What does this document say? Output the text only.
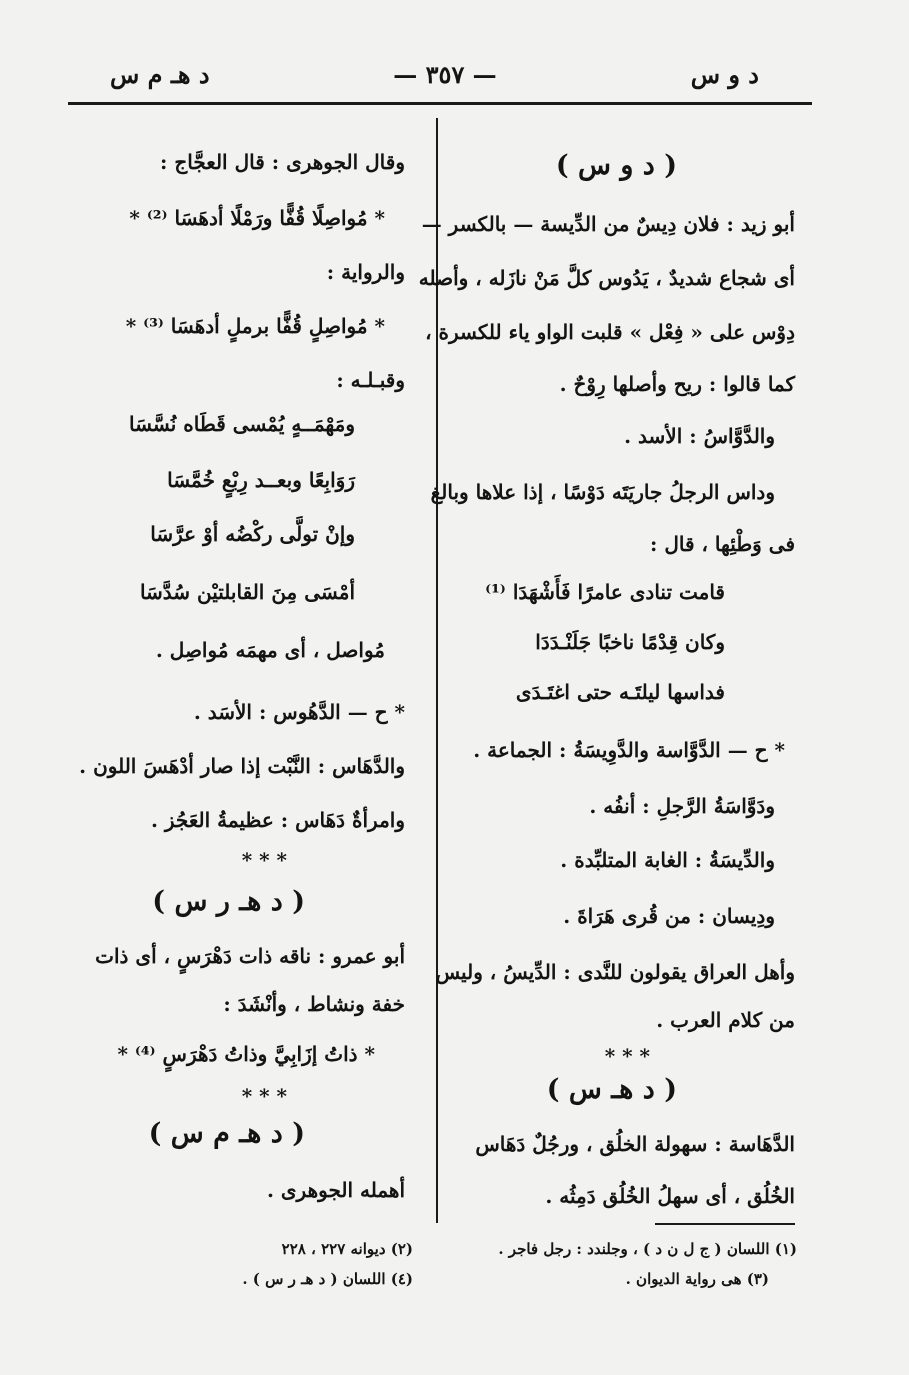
د و س
— ٣٥٧ —
د هـ م س
( د و س )
أبو زيد : فلان دِيسٌ من الدِّيسة — بالكسر —
أى شجاع شديدٌ ، يَدُوس كلَّ مَنْ نازَله ، وأصله
دِوْس على « فِعْل » قلبت الواو ياء للكسرة ،
كما قالوا : ريح وأصلها رِوْحٌ .
والدَّوَّاسُ : الأسد .
وداس الرجلُ جاريَتَه دَوْسًا ، إذا علاها وبالغ
فى وَطْئِها ، قال :
قامت تنادى عامرًا فَأَشْهَدَا ⁽¹⁾
وكان قِدْمًا ناخبًا جَلَنْـدَدَا
فداسها ليلتَـه حتى اغتَـدَى
* ح — الدَّوَّاسة والدَّوِيسَةُ : الجماعة .
ودَوَّاسَةُ الرَّجلِ : أنفُه .
والدِّيسَةُ : الغابة المتلبِّدة .
ودِيسان : من قُرى هَرَاةَ .
وأهل العراق يقولون للنَّدى : الدِّيسُ ، وليس
من كلام العرب .
* * *
( د هـ س )
الدَّهَاسة : سهولة الخلُق ، ورجُلٌ دَهَاس
الخُلُق ، أى سهلُ الخُلُق دَمِثُه .
وقال الجوهرى : قال العجَّاج :
* مُواصِلًا قُفًّا ورَمْلًا أدهَسَا ⁽²⁾ *
والرواية :
* مُواصِلٍ قُفًّا برملٍ أدهَسَا ⁽³⁾ *
وقبـلـه :
ومَهْمَــهٍ يُمْسى قَطَاه نُسَّسَا
رَوَابِعًا وبعــد رِبْعٍ خُمَّسَا
وإنْ تولَّى ركْضُه أوْ عرَّسَا
أمْسَى مِنَ القابلتيْن سُدَّسَا
مُواصل ، أى مهمَه مُواصِل .
* ح — الدَّهُوس : الأسَد .
والدَّهَاس : النَّبْت إذا صار أدْهَسَ اللون .
وامرأةٌ دَهَاس : عظيمةُ العَجُز .
* * *
( د هـ ر س )
أبو عمرو : ناقه ذات دَهْرَسٍ ، أى ذات
خفة ونشاط ، وأنْشَدَ :
* ذاتُ إزَابِيَّ وذاتُ دَهْرَسٍ ⁽⁴⁾ *
* * *
( د هـ م س )
أهمله الجوهرى .
(١) اللسان ( ج ل ن د ) ، وجلندد : رجل فاجر .
(٣) هى رواية الديوان .
(٢) ديوانه ٢٢٧ ، ٢٢٨
(٤) اللسان ( د هـ ر س ) .
